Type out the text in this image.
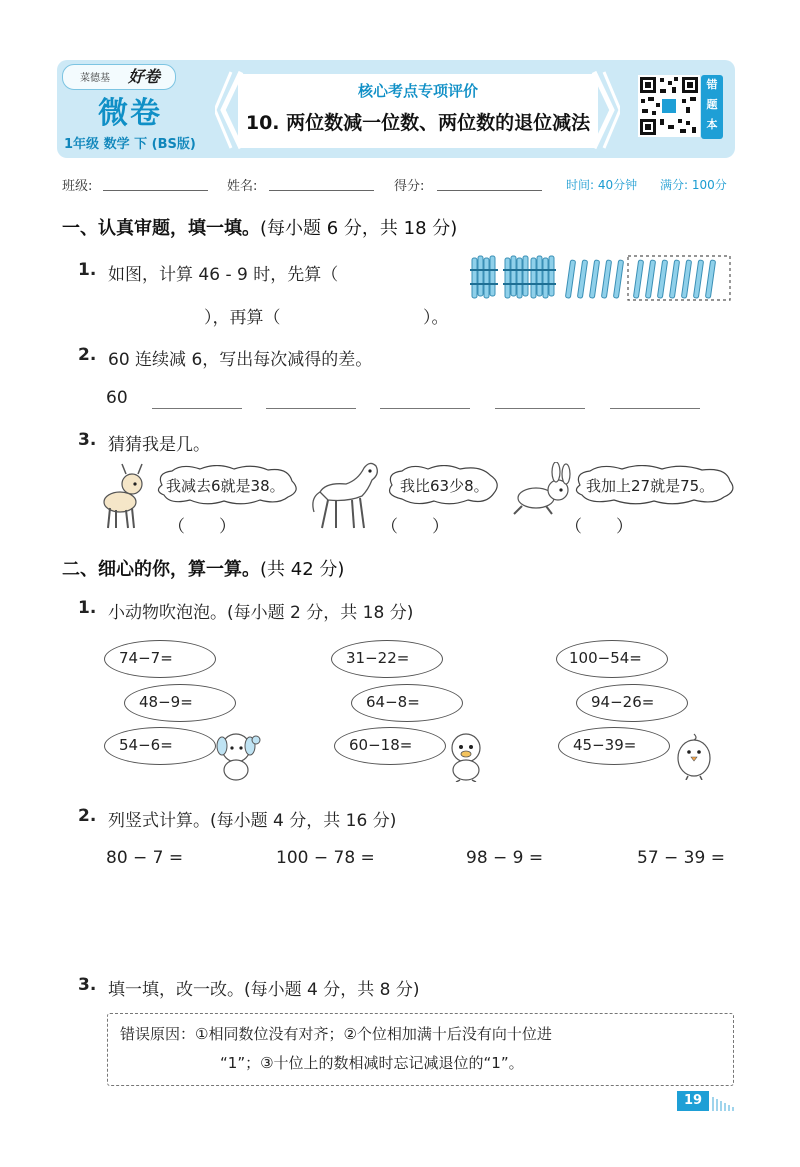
菜德基 好卷
微卷
1年级 数学 下 (BS版)
核心考点专项评价
10. 两位数减一位数、两位数的退位减法
错
题
本
班级:	姓名:	得分:	时间: 40分钟 满分: 100分
一、认真审题，填一填。(每小题 6 分，共 18 分)
1. 如图，计算 46 - 9 时，先算（
），再算（	）。
2. 60 连续减 6，写出每次减得的差。
60
3. 猜猜我是几。
我减去6就是38。
（　　）
我比63少8。
（　　）
我加上27就是75。
（　　）
二、细心的你，算一算。(共 42 分)
1. 小动物吹泡泡。(每小题 2 分，共 18 分)
74−7=
48−9=
54−6=
31−22=
64−8=
60−18=
100−54=
94−26=
45−39=
2. 列竖式计算。(每小题 4 分，共 16 分)
80 − 7 =	100 − 78 =	98 − 9 =	57 − 39 =
3. 填一填，改一改。(每小题 4 分，共 8 分)
错误原因：①相同数位没有对齐；②个位相加满十后没有向十位进
“1”；③十位上的数相减时忘记减退位的“1”。
19
